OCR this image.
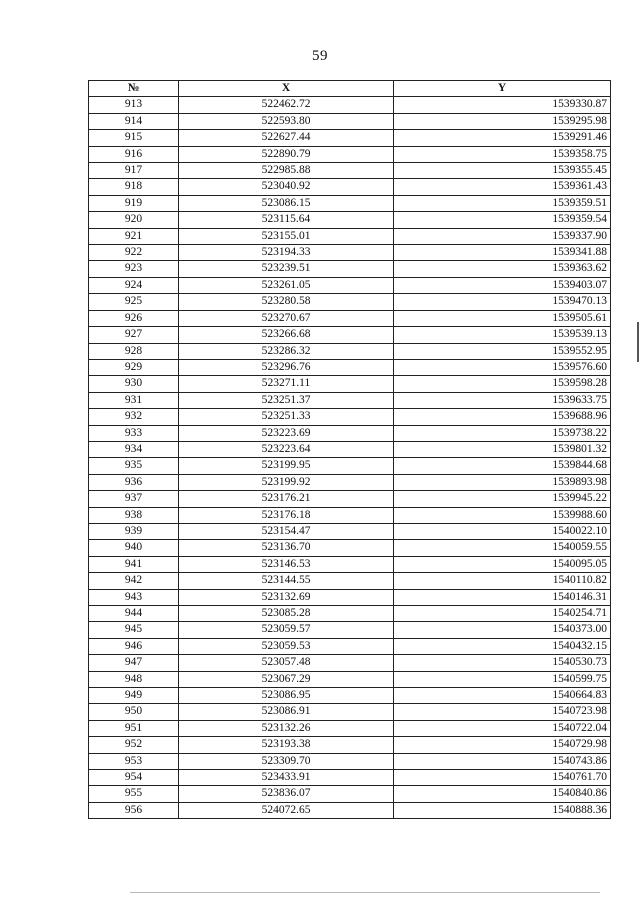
59
№	X	Y
913	522462.72	1539330.87
914	522593.80	1539295.98
915	522627.44	1539291.46
916	522890.79	1539358.75
917	522985.88	1539355.45
918	523040.92	1539361.43
919	523086.15	1539359.51
920	523115.64	1539359.54
921	523155.01	1539337.90
922	523194.33	1539341.88
923	523239.51	1539363.62
924	523261.05	1539403.07
925	523280.58	1539470.13
926	523270.67	1539505.61
927	523266.68	1539539.13
928	523286.32	1539552.95
929	523296.76	1539576.60
930	523271.11	1539598.28
931	523251.37	1539633.75
932	523251.33	1539688.96
933	523223.69	1539738.22
934	523223.64	1539801.32
935	523199.95	1539844.68
936	523199.92	1539893.98
937	523176.21	1539945.22
938	523176.18	1539988.60
939	523154.47	1540022.10
940	523136.70	1540059.55
941	523146.53	1540095.05
942	523144.55	1540110.82
943	523132.69	1540146.31
944	523085.28	1540254.71
945	523059.57	1540373.00
946	523059.53	1540432.15
947	523057.48	1540530.73
948	523067.29	1540599.75
949	523086.95	1540664.83
950	523086.91	1540723.98
951	523132.26	1540722.04
952	523193.38	1540729.98
953	523309.70	1540743.86
954	523433.91	1540761.70
955	523836.07	1540840.86
956	524072.65	1540888.36
